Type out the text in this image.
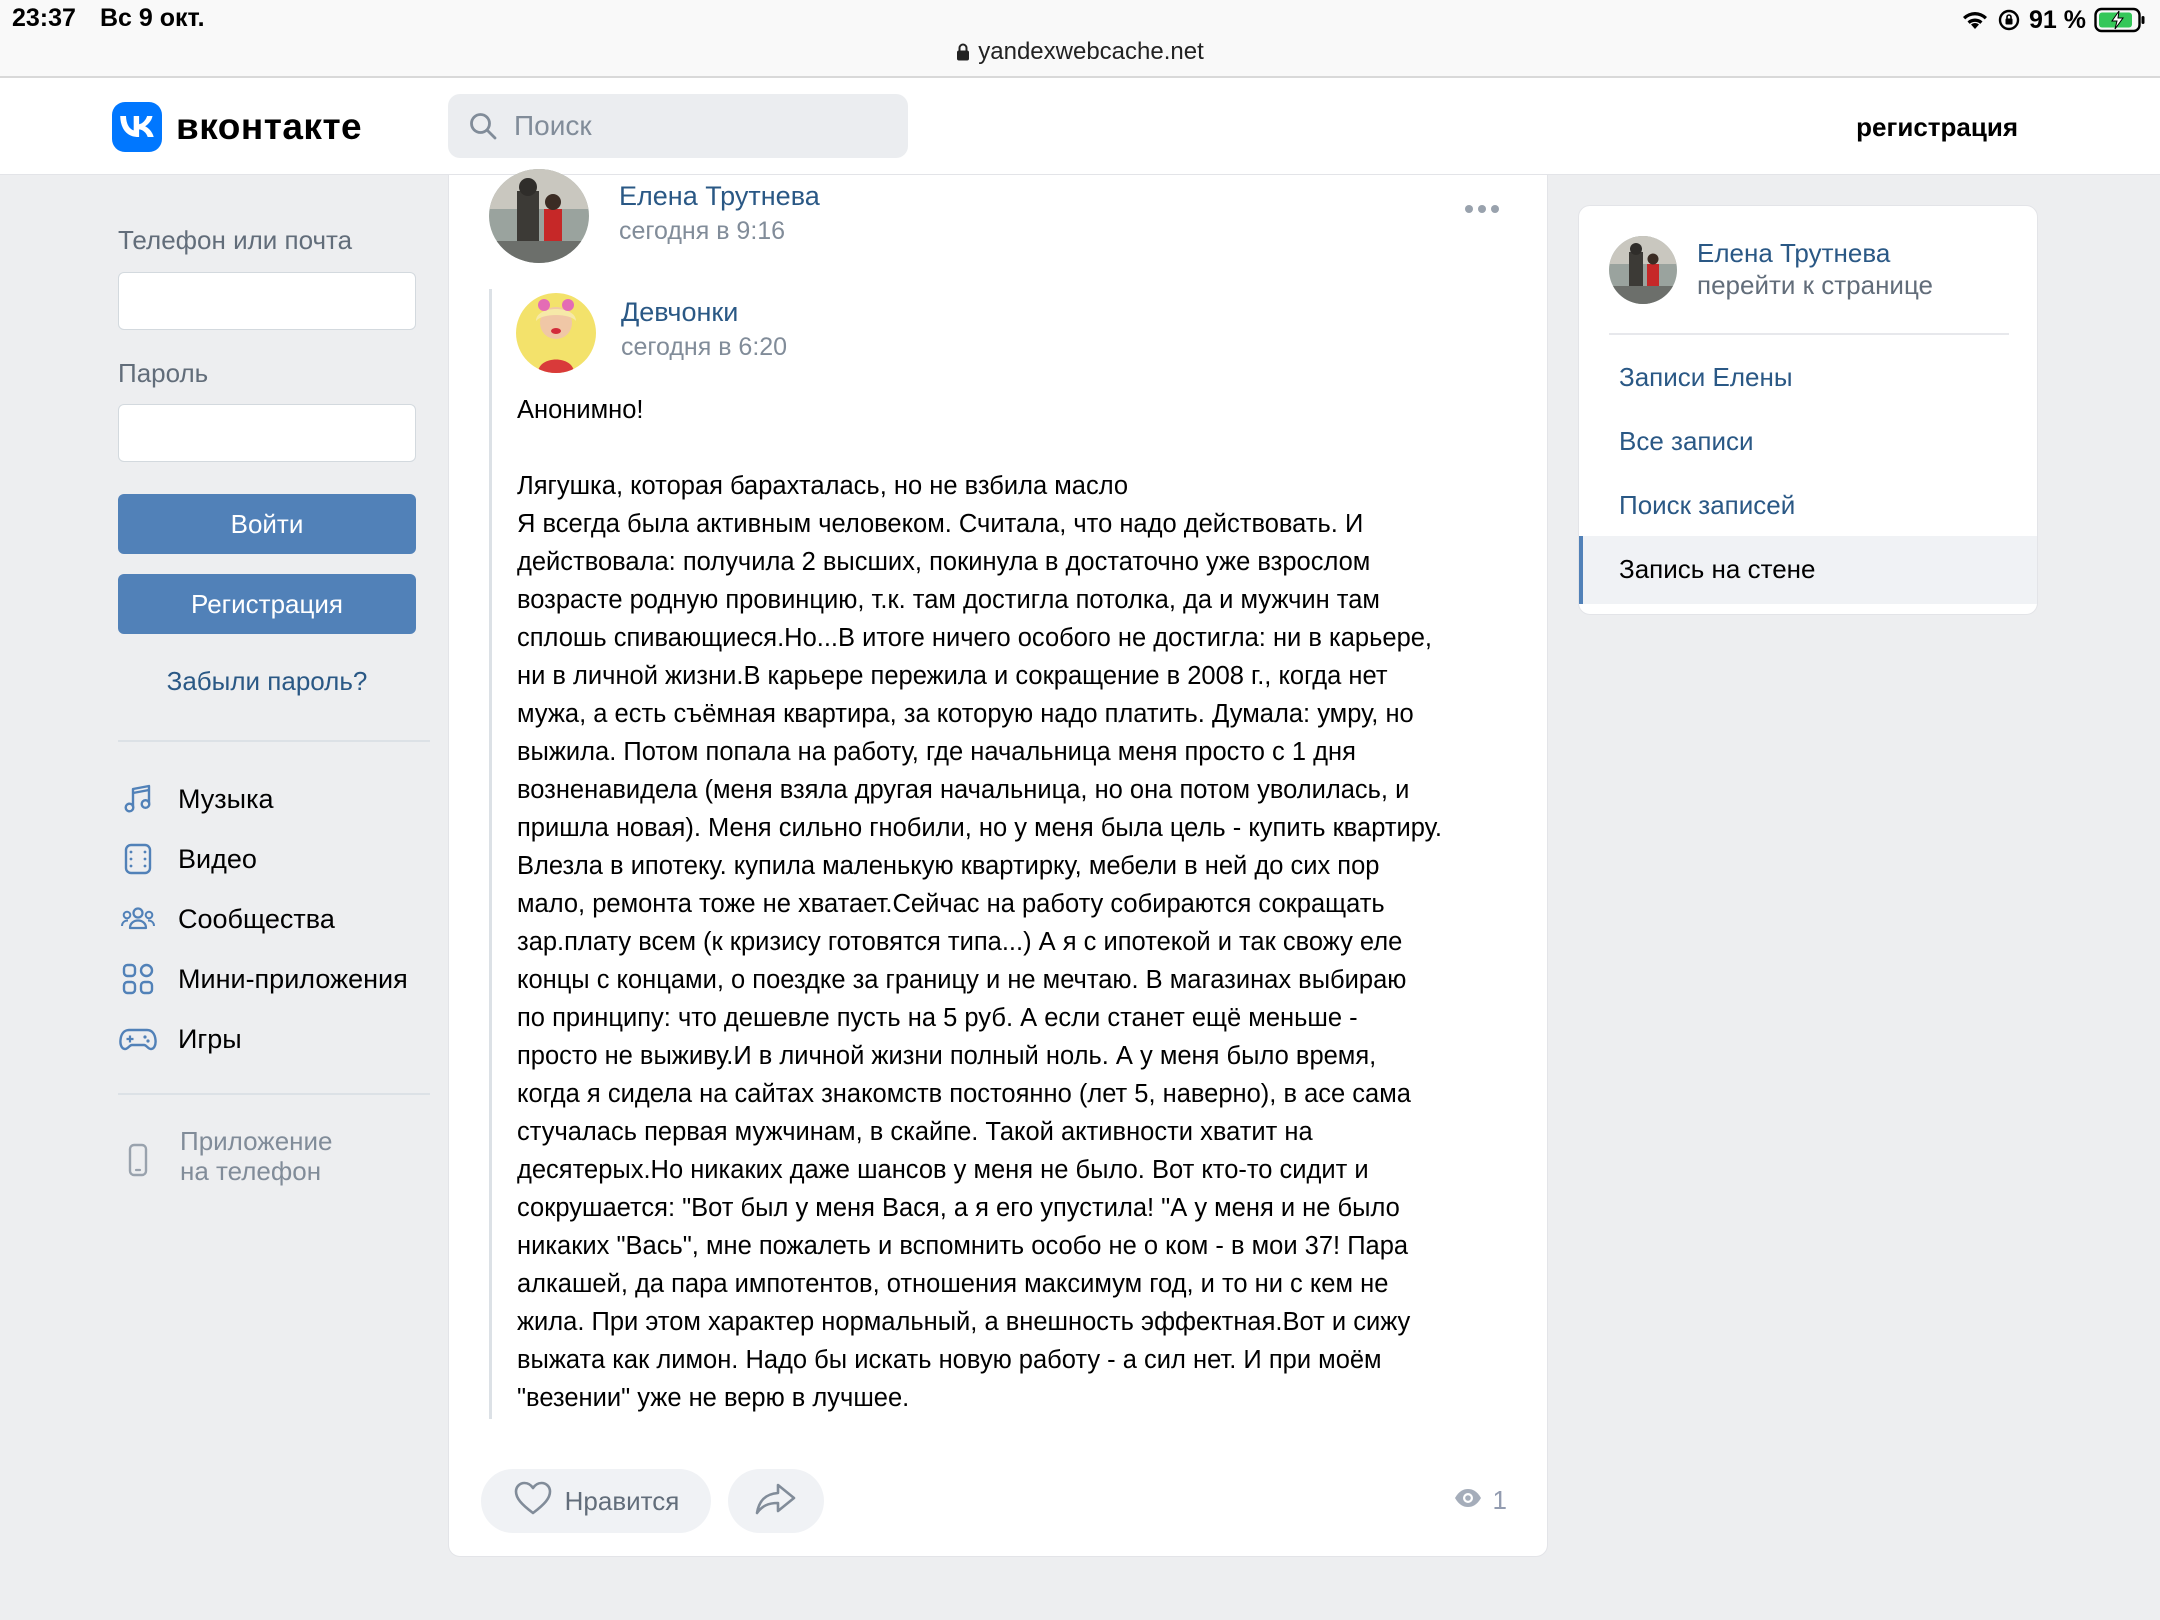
23:37 Вс 9 окт.	91 %
yandexwebcache.net
вконтакте	Поиск	регистрация
Телефон или почта
Пароль
Войти
Регистрация
Забыли пароль?
Музыка
Видео
Сообщества
Мини-приложения
Игры
Приложение
на телефон
Елена Трутнева
сегодня в 9:16
Девчонки
сегодня в 6:20
Анонимно!

Лягушка, которая барахталась, но не взбила масло
Я всегда была активным человеком. Считала, что надо действовать. И
действовала: получила 2 высших, покинула в достаточно уже взрослом
возрасте родную провинцию, т.к. там достигла потолка, да и мужчин там
сплошь спивающиеся.Но...В итоге ничего особого не достигла: ни в карьере,
ни в личной жизни.В карьере пережила и сокращение в 2008 г., когда нет
мужа, а есть съёмная квартира, за которую надо платить. Думала: умру, но
выжила. Потом попала на работу, где начальница меня просто с 1 дня
возненавидела (меня взяла другая начальница, но она потом уволилась, и
пришла новая). Меня сильно гнобили, но у меня была цель - купить квартиру.
Влезла в ипотеку. купила маленькую квартирку, мебели в ней до сих пор
мало, ремонта тоже не хватает.Сейчас на работу собираются сокращать
зар.плату всем (к кризису готовятся типа...) А я с ипотекой и так свожу еле
концы с концами, о поездке за границу и не мечтаю. В магазинах выбираю
по принципу: что дешевле пусть на 5 руб. А если станет ещё меньше -
просто не выживу.И в личной жизни полный ноль. А у меня было время,
когда я сидела на сайтах знакомств постоянно (лет 5, наверно), в асе сама
стучалась первая мужчинам, в скайпе. Такой активности хватит на
десятерых.Но никаких даже шансов у меня не было. Вот кто-то сидит и
сокрушается: "Вот был у меня Вася, а я его упустила! "А у меня и не было
никаких "Вась", мне пожалеть и вспомнить особо не о ком - в мои 37! Пара
алкашей, да пара импотентов, отношения максимум год, и то ни с кем не
жила. При этом характер нормальный, а внешность эффектная.Вот и сижу
выжата как лимон. Надо бы искать новую работу - а сил нет. И при моём
"везении" уже не верю в лучшее.
Нравится	1
Елена Трутнева
перейти к странице
Записи Елены
Все записи
Поиск записей
Запись на стене
